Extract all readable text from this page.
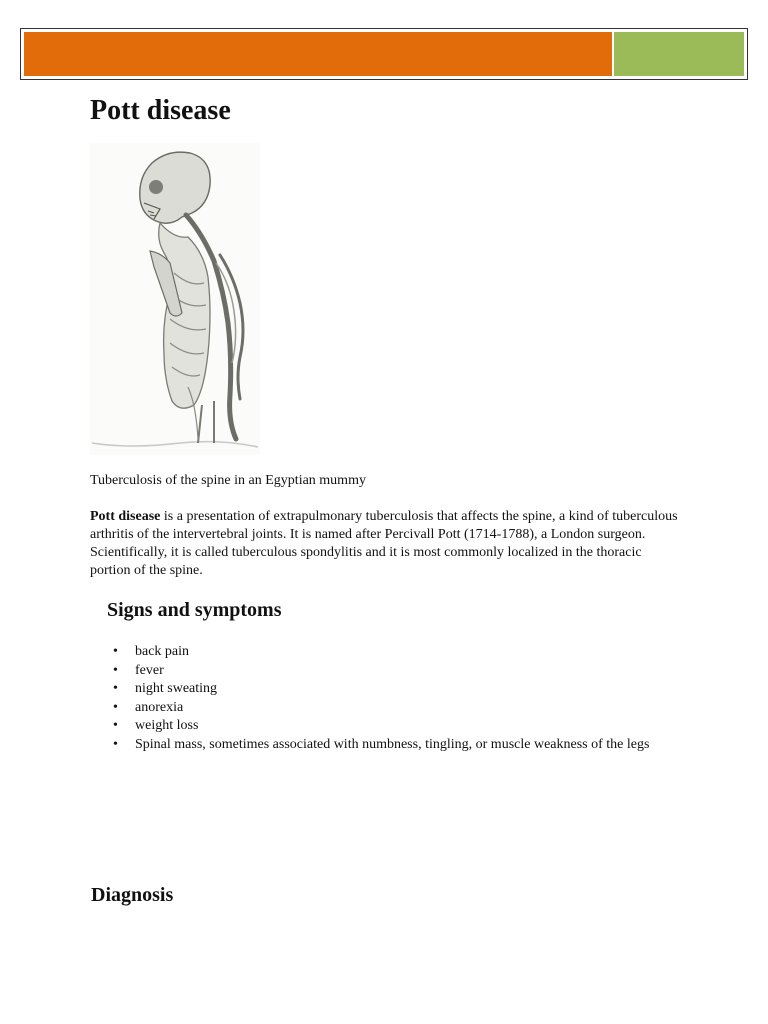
Pott disease
Tuberculosis of the spine in an Egyptian mummy

Pott disease is a presentation of extrapulmonary tuberculosis that affects the spine, a kind of tuberculous arthritis of the intervertebral joints. It is named after Percivall Pott (1714-1788), a London surgeon. Scientifically, it is called tuberculous spondylitis and it is most commonly localized in the thoracic portion of the spine.

Signs and symptoms
• back pain
• fever
• night sweating
• anorexia
• weight loss
• Spinal mass, sometimes associated with numbness, tingling, or muscle weakness of the legs
Diagnosis
